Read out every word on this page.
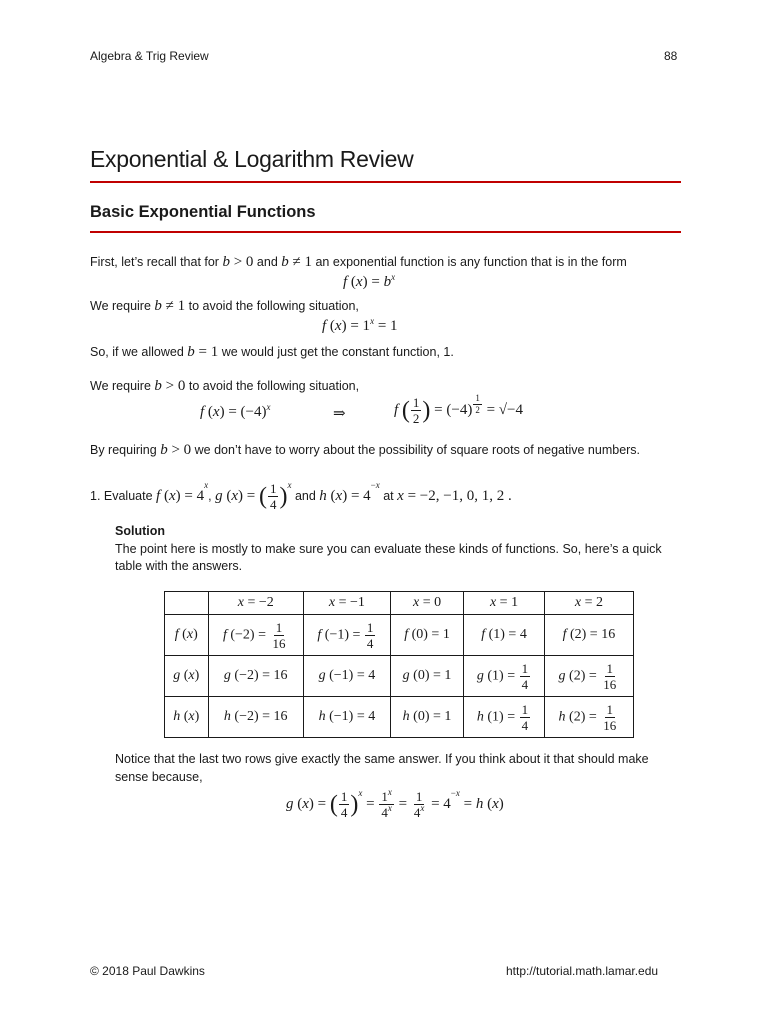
Algebra & Trig Review	88
Exponential & Logarithm Review
Basic Exponential Functions
First, let’s recall that for b > 0 and b ≠ 1 an exponential function is any function that is in the form
f $(x) = b^x$
We require b ≠ 1 to avoid the following situation,
f $(x) = 1^x = 1$
So, if we allowed b = 1 we would just get the constant function, 1.
We require b > 0 to avoid the following situation,
f $(x) = (-4)^x$	⇒	f ( $\frac{1}{2}$ ) = (−4) $^{\frac{1}{2}}$ = √−4
By requiring b > 0 we don’t have to worry about the possibility of square roots of negative numbers.
1. Evaluate f $(x) = 4^x$, g (x) = ( $\frac{1}{4} )^x$ and h $(x) = 4^{-x}$ at x = −2, −1, 0, 1, 2 .
Solution
The point here is mostly to make sure you can evaluate these kinds of functions. So, here’s a quick
table with the answers.
	x = −2	x = −1	x = 0	x = 1	x = 2
f (x)	f $(-2) = \frac{1}{16}$	f $(-1) = \frac{1}{4}$	f (0) = 1	f (1) = 4	f (2) = 16
g (x)	g (−2) = 16	g (−1) = 4	g (0) = 1	g $(1) = \frac{1}{4}$	g $(2) = \frac{1}{16}$

h (x)	h (−2) = 16	h (−1) = 4	h (0) = 1	h $(1) = \frac{1}{4}$	h $(2) = \frac{1}{16}$
Notice that the last two rows give exactly the same answer. If you think about it that should make
sense because,
g (x) = ( $\frac{1}{4} )^x = \frac{1^x}{4^x} = \frac{1}{4^x} = 4^{-x} = h$ (x)
© 2018 Paul Dawkins	http://tutorial.math.lamar.edu
